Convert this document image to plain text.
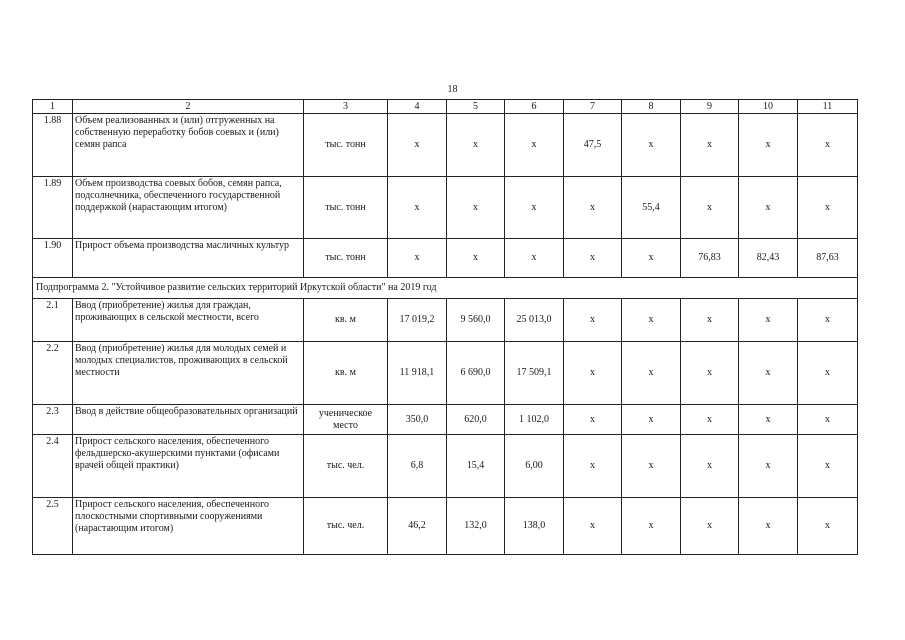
18
1	2	3	4	5	6	7	8	9	10	11
1.88	Объем реализованных и (или) отгруженных на собственную переработку бобов соевых и (или) семян рапса	тыс. тонн	х	х	х	47,5	х	х	х	х
1.89	Объем производства соевых бобов, семян рапса, подсолнечника, обеспеченного государственной поддержкой (нарастающим итогом)	тыс. тонн	х	х	х	х	55,4	х	х	х
1.90	Прирост объема производства масличных культур	тыс. тонн	х	х	х	х	х	76,83	82,43	87,63
Подпрограмма 2. "Устойчивое развитие сельских территорий Иркутской области" на 2019 год										
2.1	Ввод (приобретение) жилья для граждан, проживающих в сельской местности, всего	кв. м	17 019,2	9 560,0	25 013,0	х	х	х	х	х
2.2	Ввод (приобретение) жилья для молодых семей и молодых специалистов, проживающих в сельской местности	кв. м	11 918,1	6 690,0	17 509,1	х	х	х	х	х
2.3	Ввод в действие общеобразовательных организаций	ученическое место	350,0	620,0	1 102,0	х	х	х	х	х
2.4	Прирост сельского населения, обеспеченного фельдшерско-акушерскими пунктами (офисами врачей общей практики)	тыс. чел.	6,8	15,4	6,00	х	х	х	х	х
2.5	Прирост сельского населения, обеспеченного плоскостными спортивными сооружениями (нарастающим итогом)	тыс. чел.	46,2	132,0	138,0	х	х	х	х	х
